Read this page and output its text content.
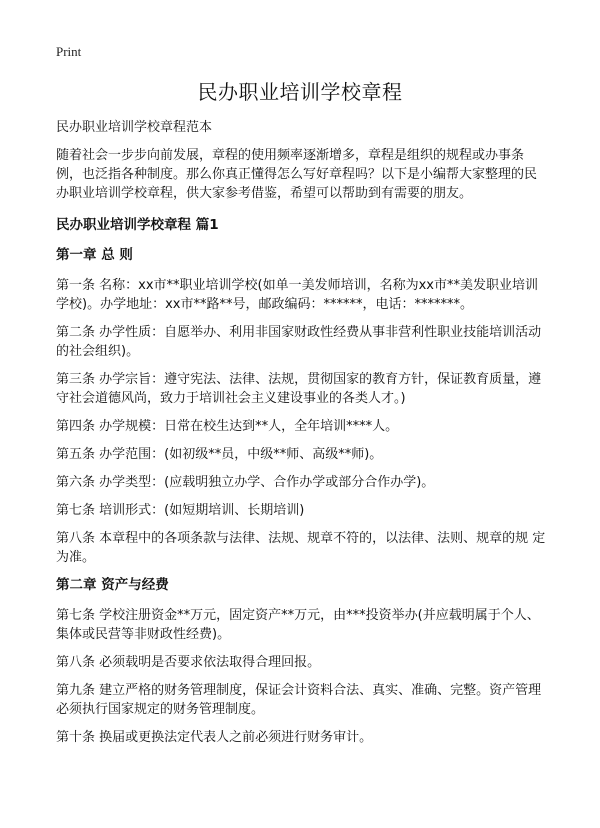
Print
民办职业培训学校章程

民办职业培训学校章程范本

随着社会一步步向前发展，章程的使用频率逐渐增多，章程是组织的规程或办事条例，也泛指各种制度。那么你真正懂得怎么写好章程吗？以下是小编帮大家整理的民办职业培训学校章程，供大家参考借鉴，希望可以帮助到有需要的朋友。

民办职业培训学校章程 篇1

第一章 总 则

第一条 名称：xx市**职业培训学校(如单一美发师培训，名称为xx市**美发职业培训学校)。办学地址：xx市**路**号，邮政编码：******，电话：*******。

第二条 办学性质：自愿举办、利用非国家财政性经费从事非营利性职业技能培训活动的社会组织)。

第三条 办学宗旨：遵守宪法、法律、法规，贯彻国家的教育方针，保证教育质量，遵守社会道德风尚，致力于培训社会主义建设事业的各类人才。)

第四条 办学规模：日常在校生达到**人，全年培训****人。

第五条 办学范围：(如初级**员，中级**师、高级**师)。

第六条 办学类型：(应载明独立办学、合作办学或部分合作办学)。

第七条 培训形式：(如短期培训、长期培训)

第八条 本章程中的各项条款与法律、法规、规章不符的，以法律、法则、规章的规 定为准。

第二章 资产与经费

第七条 学校注册资金**万元，固定资产**万元，由***投资举办(并应载明属于个人、集体或民营等非财政性经费)。

第八条 必须载明是否要求依法取得合理回报。

第九条 建立严格的财务管理制度，保证会计资料合法、真实、准确、完整。资产管理必须执行国家规定的财务管理制度。

第十条 换届或更换法定代表人之前必须进行财务审计。
